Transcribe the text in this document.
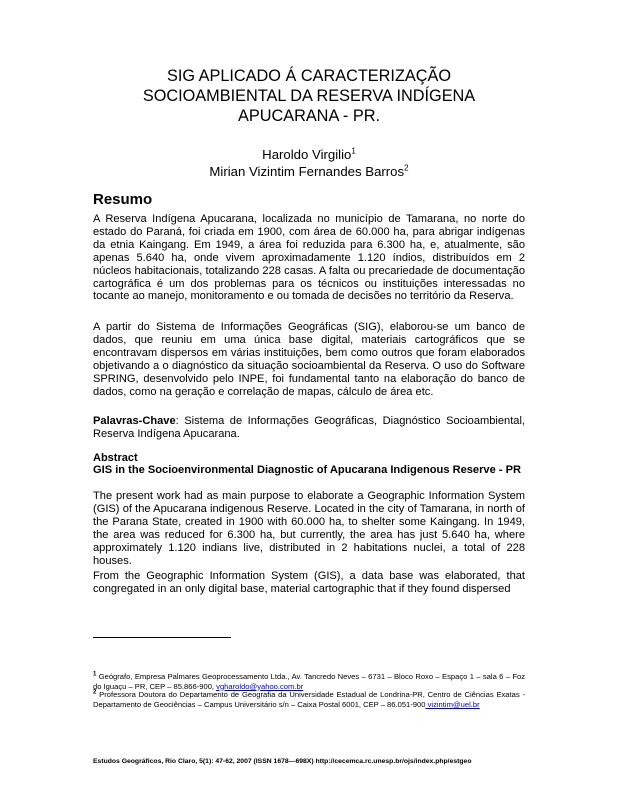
SIG APLICADO Á CARACTERIZAÇÃO
SOCIOAMBIENTAL DA RESERVA INDÍGENA
APUCARANA - PR.
Haroldo Virgilio$^1$
Mirian Vizintim Fernandes Barros$^2$
Resumo

A Reserva Indígena Apucarana, localizada no município de Tamarana, no norte do estado do Paraná, foi criada em 1900, com área de 60.000 ha, para abrigar indígenas da etnia Kaingang. Em 1949, a área foi reduzida para 6.300 ha, e, atualmente, são apenas 5.640 ha, onde vivem aproximadamente 1.120 índios, distribuídos em 2 núcleos habitacionais, totalizando 228 casas. A falta ou precariedade de documentação cartográfica é um dos problemas para os técnicos ou instituições interessadas no tocante ao manejo, monitoramento e ou tomada de decisões no território da Reserva.

A partir do Sistema de Informações Geográficas (SIG), elaborou-se um banco de dados, que reuniu em uma única base digital, materiais cartográficos que se encontravam dispersos em várias instituições, bem como outros que foram elaborados objetivando a o diagnóstico da situação socioambiental da Reserva. O uso do Software SPRING, desenvolvido pelo INPE, foi fundamental tanto na elaboração do banco de dados, como na geração e correlação de mapas, cálculo de área etc.

Palavras-Chave: Sistema de Informações Geográficas, Diagnóstico Socioambiental, Reserva Indígena Apucarana.

Abstract
GIS in the Socioenvironmental Diagnostic of Apucarana Indigenous Reserve - PR

The present work had as main purpose to elaborate a Geographic Information System (GIS) of the Apucarana indigenous Reserve. Located in the city of Tamarana, in north of the Parana State, created in 1900 with 60.000 ha, to shelter some Kaingang. In 1949, the area was reduced for 6.300 ha, but currently, the area has just 5.640 ha, where approximately 1.120 indians live, distributed in 2 habitations nuclei, a total of 228 houses.

From the Geographic Information System (GIS), a data base was elaborated, that congregated in an only digital base, material cartographic that if they found dispersed

$^1$ Geógrafo, Empresa Palmares Geoprocessamento Ltda., Av. Tancredo Neves – 6731 – Bloco Roxo – Espaço 1 – sala 6 – Foz do Iguaçu – PR, CEP – 85.866-900, vgharoldo@yahoo.com.br

$^2$ Professora Doutora do Departamento de Geografia da Universidade Estadual de Londrina-PR, Centro de Ciências Exatas - Departamento de Geociências – Campus Universitário s/n – Caixa Postal 6001, CEP – 86.051-900 vizintim@uel.br

Estudos Geográficos, Rio Claro, 5(1): 47-62, 2007 (ISSN 1678—698X) http://cecemca.rc.unesp.br/ojs/index.php/estgeo
